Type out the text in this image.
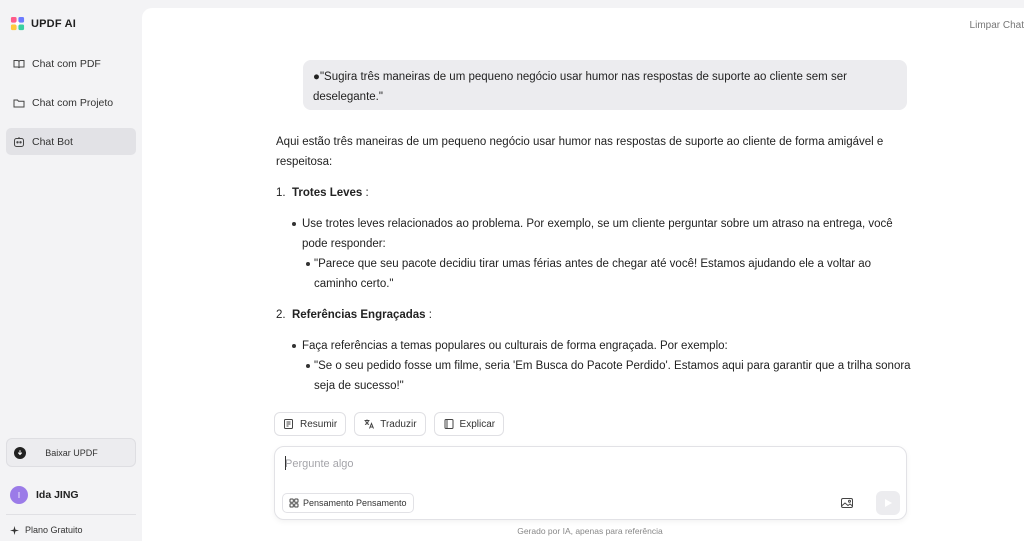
UPDF AI
Chat com PDF
Chat com Projeto
Chat Bot
Baixar UPDF
I	Ida JING
Plano Gratuito
Limpar Chat
●"Sugira três maneiras de um pequeno negócio usar humor nas respostas de suporte ao cliente sem ser deselegante."

Aqui estão três maneiras de um pequeno negócio usar humor nas respostas de suporte ao cliente de forma amigável e respeitosa:

1. Trotes Leves :
Use trotes leves relacionados ao problema. Por exemplo, se um cliente perguntar sobre um atraso na entrega, você pode responder:
"Parece que seu pacote decidiu tirar umas férias antes de chegar até você! Estamos ajudando ele a voltar ao caminho certo."
2. Referências Engraçadas :
Faça referências a temas populares ou culturais de forma engraçada. Por exemplo:
"Se o seu pedido fosse um filme, seria 'Em Busca do Pacote Perdido'. Estamos aqui para garantir que a trilha sonora seja de sucesso!"
Resumir	Traduzir	Explicar
Pergunte algo
Pensamento Pensamento
Gerado por IA, apenas para referência
